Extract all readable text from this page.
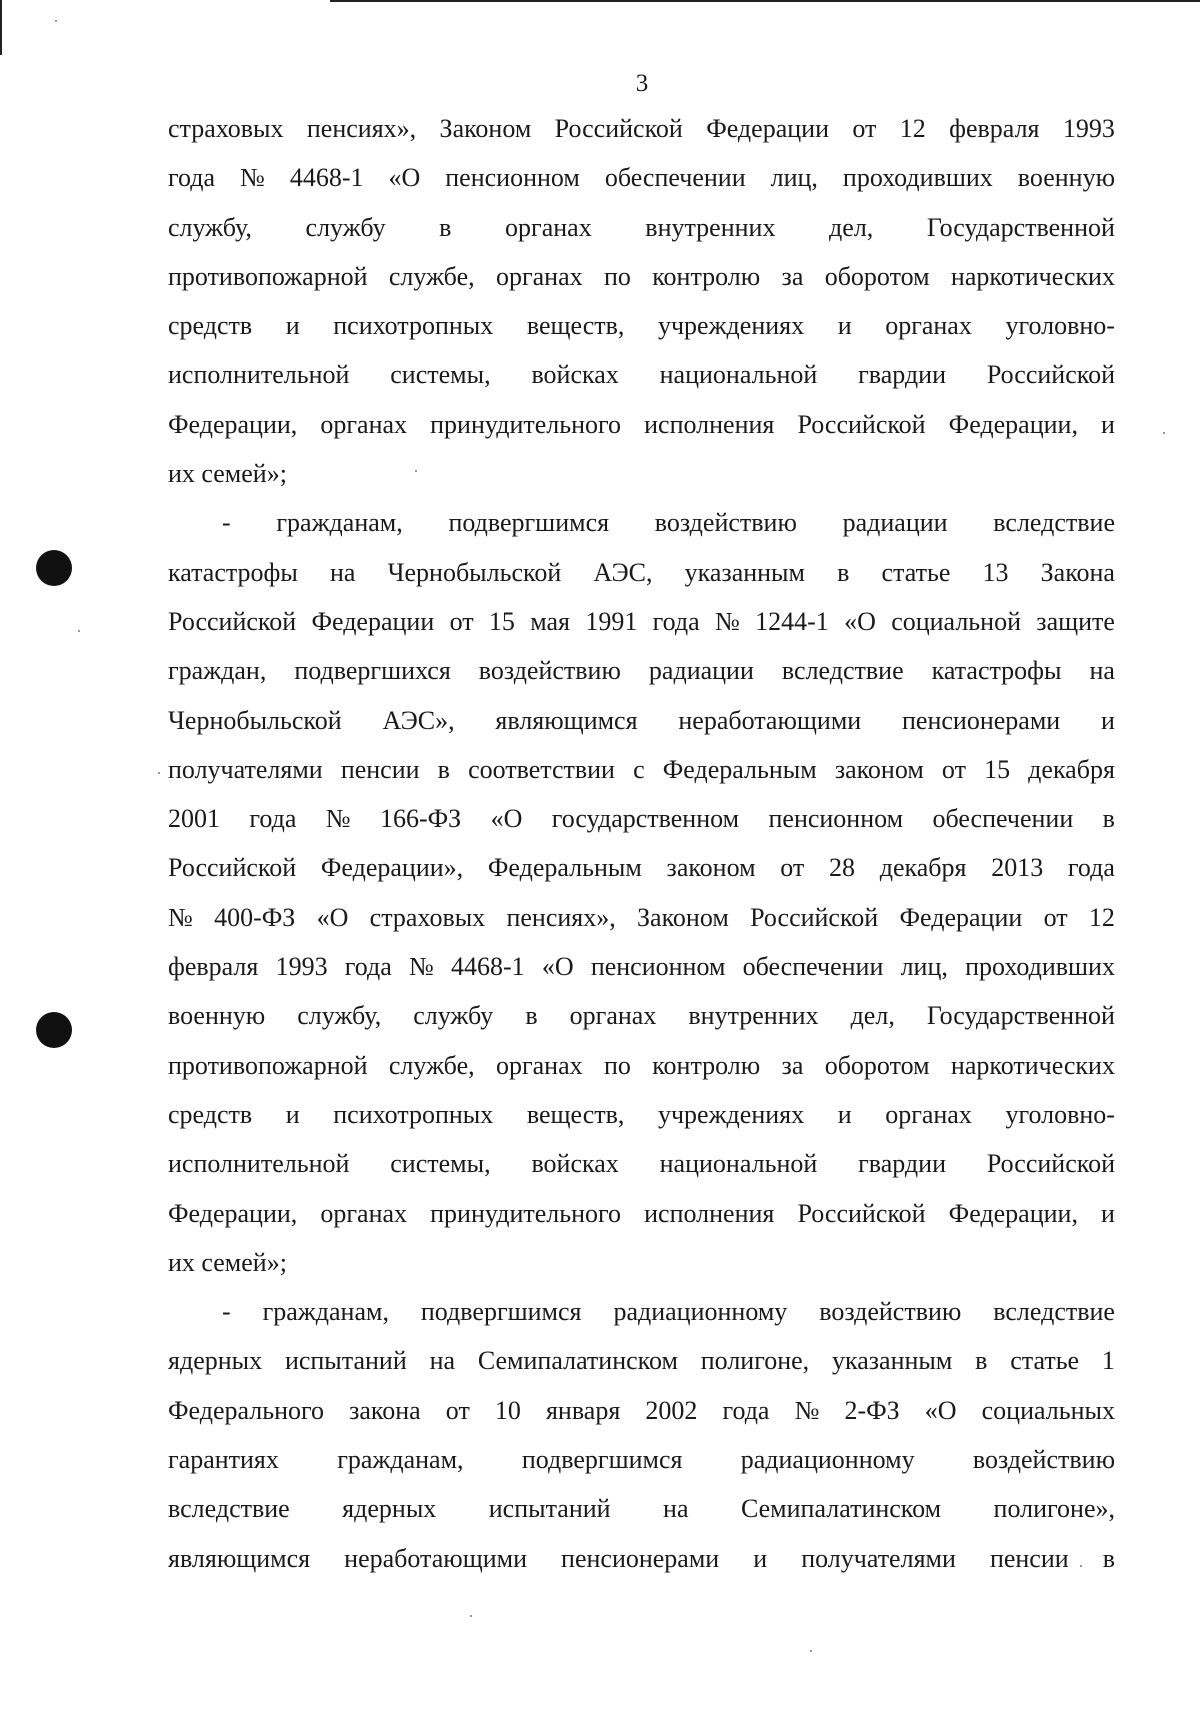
3
страховых пенсиях», Законом Российской Федерации от 12 февраля 1993
года № 4468-1 «О пенсионном обеспечении лиц, проходивших военную
службу, службу в органах внутренних дел, Государственной
противопожарной службе, органах по контролю за оборотом наркотических
средств и психотропных веществ, учреждениях и органах уголовно-
исполнительной системы, войсках национальной гвардии Российской
Федерации, органах принудительного исполнения Российской Федерации, и
их семей»;
- гражданам, подвергшимся воздействию радиации вследствие
катастрофы на Чернобыльской АЭС, указанным в статье 13 Закона
Российской Федерации от 15 мая 1991 года № 1244-1 «О социальной защите
граждан, подвергшихся воздействию радиации вследствие катастрофы на
Чернобыльской АЭС», являющимся неработающими пенсионерами и
получателями пенсии в соответствии с Федеральным законом от 15 декабря
2001 года № 166-ФЗ «О государственном пенсионном обеспечении в
Российской Федерации», Федеральным законом от 28 декабря 2013 года
№ 400-ФЗ «О страховых пенсиях», Законом Российской Федерации от 12
февраля 1993 года № 4468-1 «О пенсионном обеспечении лиц, проходивших
военную службу, службу в органах внутренних дел, Государственной
противопожарной службе, органах по контролю за оборотом наркотических
средств и психотропных веществ, учреждениях и органах уголовно-
исполнительной системы, войсках национальной гвардии Российской
Федерации, органах принудительного исполнения Российской Федерации, и
их семей»;
- гражданам, подвергшимся радиационному воздействию вследствие
ядерных испытаний на Семипалатинском полигоне, указанным в статье 1
Федерального закона от 10 января 2002 года № 2-ФЗ «О социальных
гарантиях гражданам, подвергшимся радиационному воздействию
вследствие ядерных испытаний на Семипалатинском полигоне»,
являющимся неработающими пенсионерами и получателями пенсии в
